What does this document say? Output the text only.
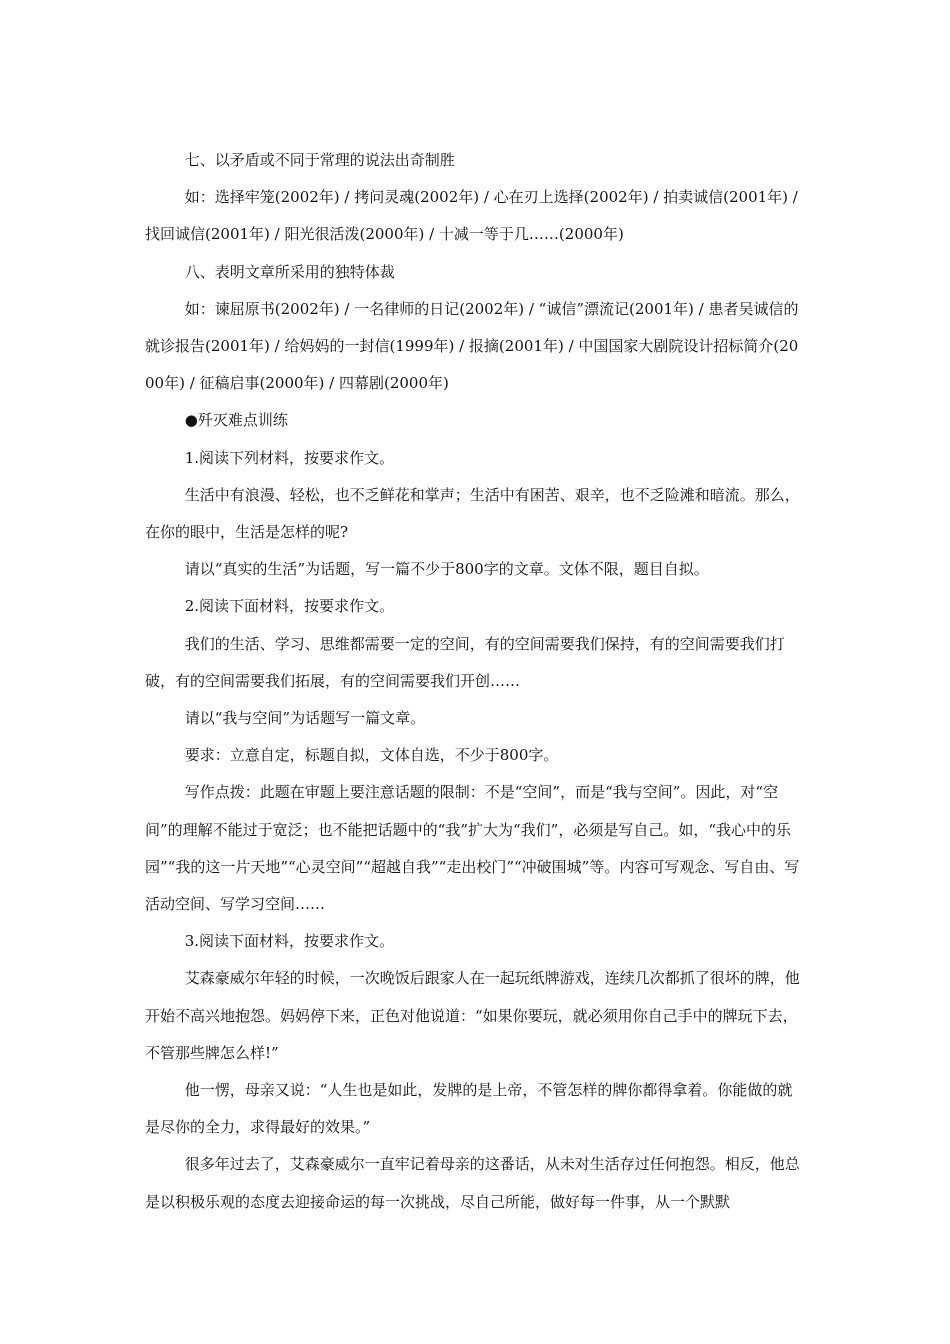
七、以矛盾或不同于常理的说法出奇制胜

如：选择牢笼(2002年) / 拷问灵魂(2002年) / 心在刃上选择(2002年) / 拍卖诚信(2001年) / 找回诚信(2001年) / 阳光很活泼(2000年) / 十减一等于几……(2000年)

八、表明文章所采用的独特体裁

如：谏屈原书(2002年) / 一名律师的日记(2002年) / “诚信”漂流记(2001年) / 患者吴诚信的就诊报告(2001年) / 给妈妈的一封信(1999年) / 报摘(2001年) / 中国国家大剧院设计招标简介(2000年) / 征稿启事(2000年) / 四幕剧(2000年)

●歼灭难点训练

1.阅读下列材料，按要求作文。

生活中有浪漫、轻松，也不乏鲜花和掌声；生活中有困苦、艰辛，也不乏险滩和暗流。那么，在你的眼中，生活是怎样的呢?

请以“真实的生活”为话题，写一篇不少于800字的文章。文体不限，题目自拟。

2.阅读下面材料，按要求作文。

我们的生活、学习、思维都需要一定的空间，有的空间需要我们保持，有的空间需要我们打破，有的空间需要我们拓展，有的空间需要我们开创……

请以“我与空间”为话题写一篇文章。

要求：立意自定，标题自拟，文体自选，不少于800字。

写作点拨：此题在审题上要注意话题的限制：不是“空间”，而是“我与空间”。因此，对“空间”的理解不能过于宽泛；也不能把话题中的“我”扩大为“我们”，必须是写自己。如，“我心中的乐园”“我的这一片天地”“心灵空间”“超越自我”“走出校门”“冲破围城”等。内容可写观念、写自由、写活动空间、写学习空间……

3.阅读下面材料，按要求作文。

艾森豪威尔年轻的时候，一次晚饭后跟家人在一起玩纸牌游戏，连续几次都抓了很坏的牌，他开始不高兴地抱怨。妈妈停下来，正色对他说道：“如果你要玩，就必须用你自己手中的牌玩下去，不管那些牌怎么样!”

他一愣，母亲又说：“人生也是如此，发牌的是上帝，不管怎样的牌你都得拿着。你能做的就是尽你的全力，求得最好的效果。”

很多年过去了，艾森豪威尔一直牢记着母亲的这番话，从未对生活存过任何抱怨。相反，他总是以积极乐观的态度去迎接命运的每一次挑战，尽自己所能，做好每一件事，从一个默默
